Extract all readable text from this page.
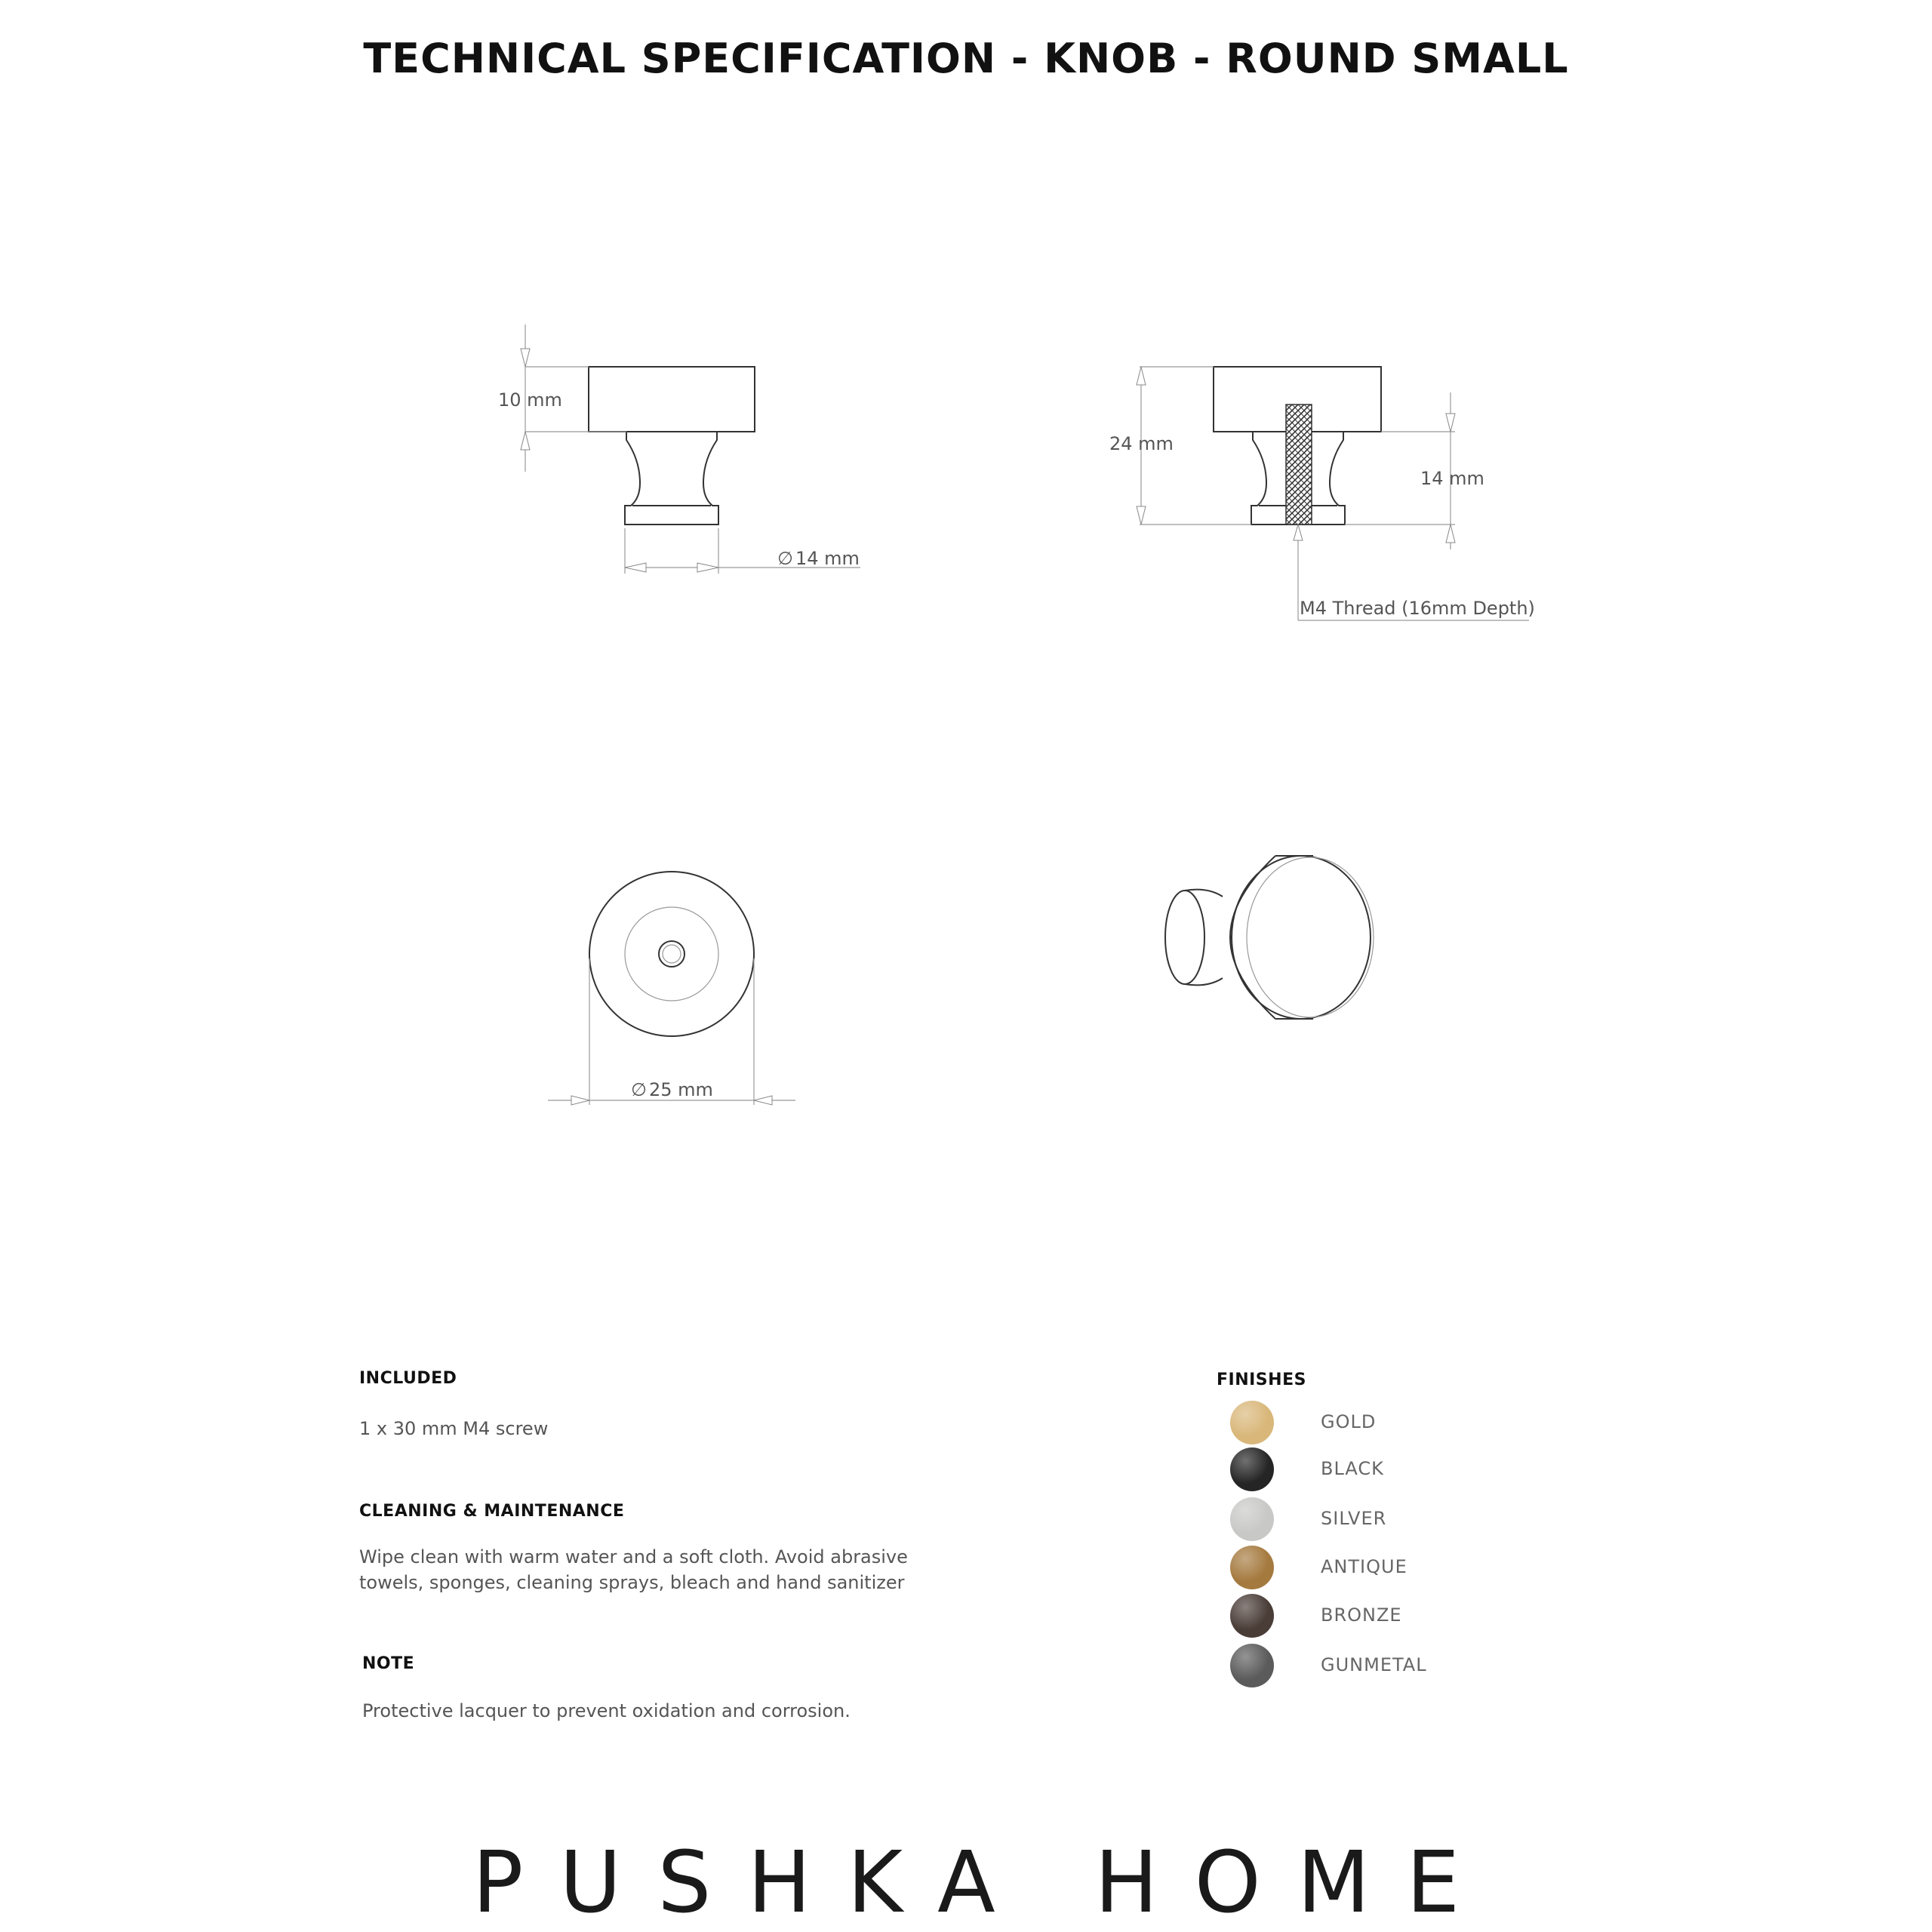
TECHNICAL SPECIFICATION - KNOB - ROUND SMALL
10 mm
∅ 14 mm
24 mm
14 mm
M4 Thread (16mm Depth)
∅ 25 mm
INCLUDED
1 x 30 mm M4 screw
CLEANING & MAINTENANCE
Wipe clean with warm water and a soft cloth. Avoid abrasive
towels, sponges, cleaning sprays, bleach and hand sanitizer
NOTE
Protective lacquer to prevent oxidation and corrosion.
FINISHES
GOLD
BLACK
SILVER
ANTIQUE
BRONZE
GUNMETAL
PUSHKA HOME
